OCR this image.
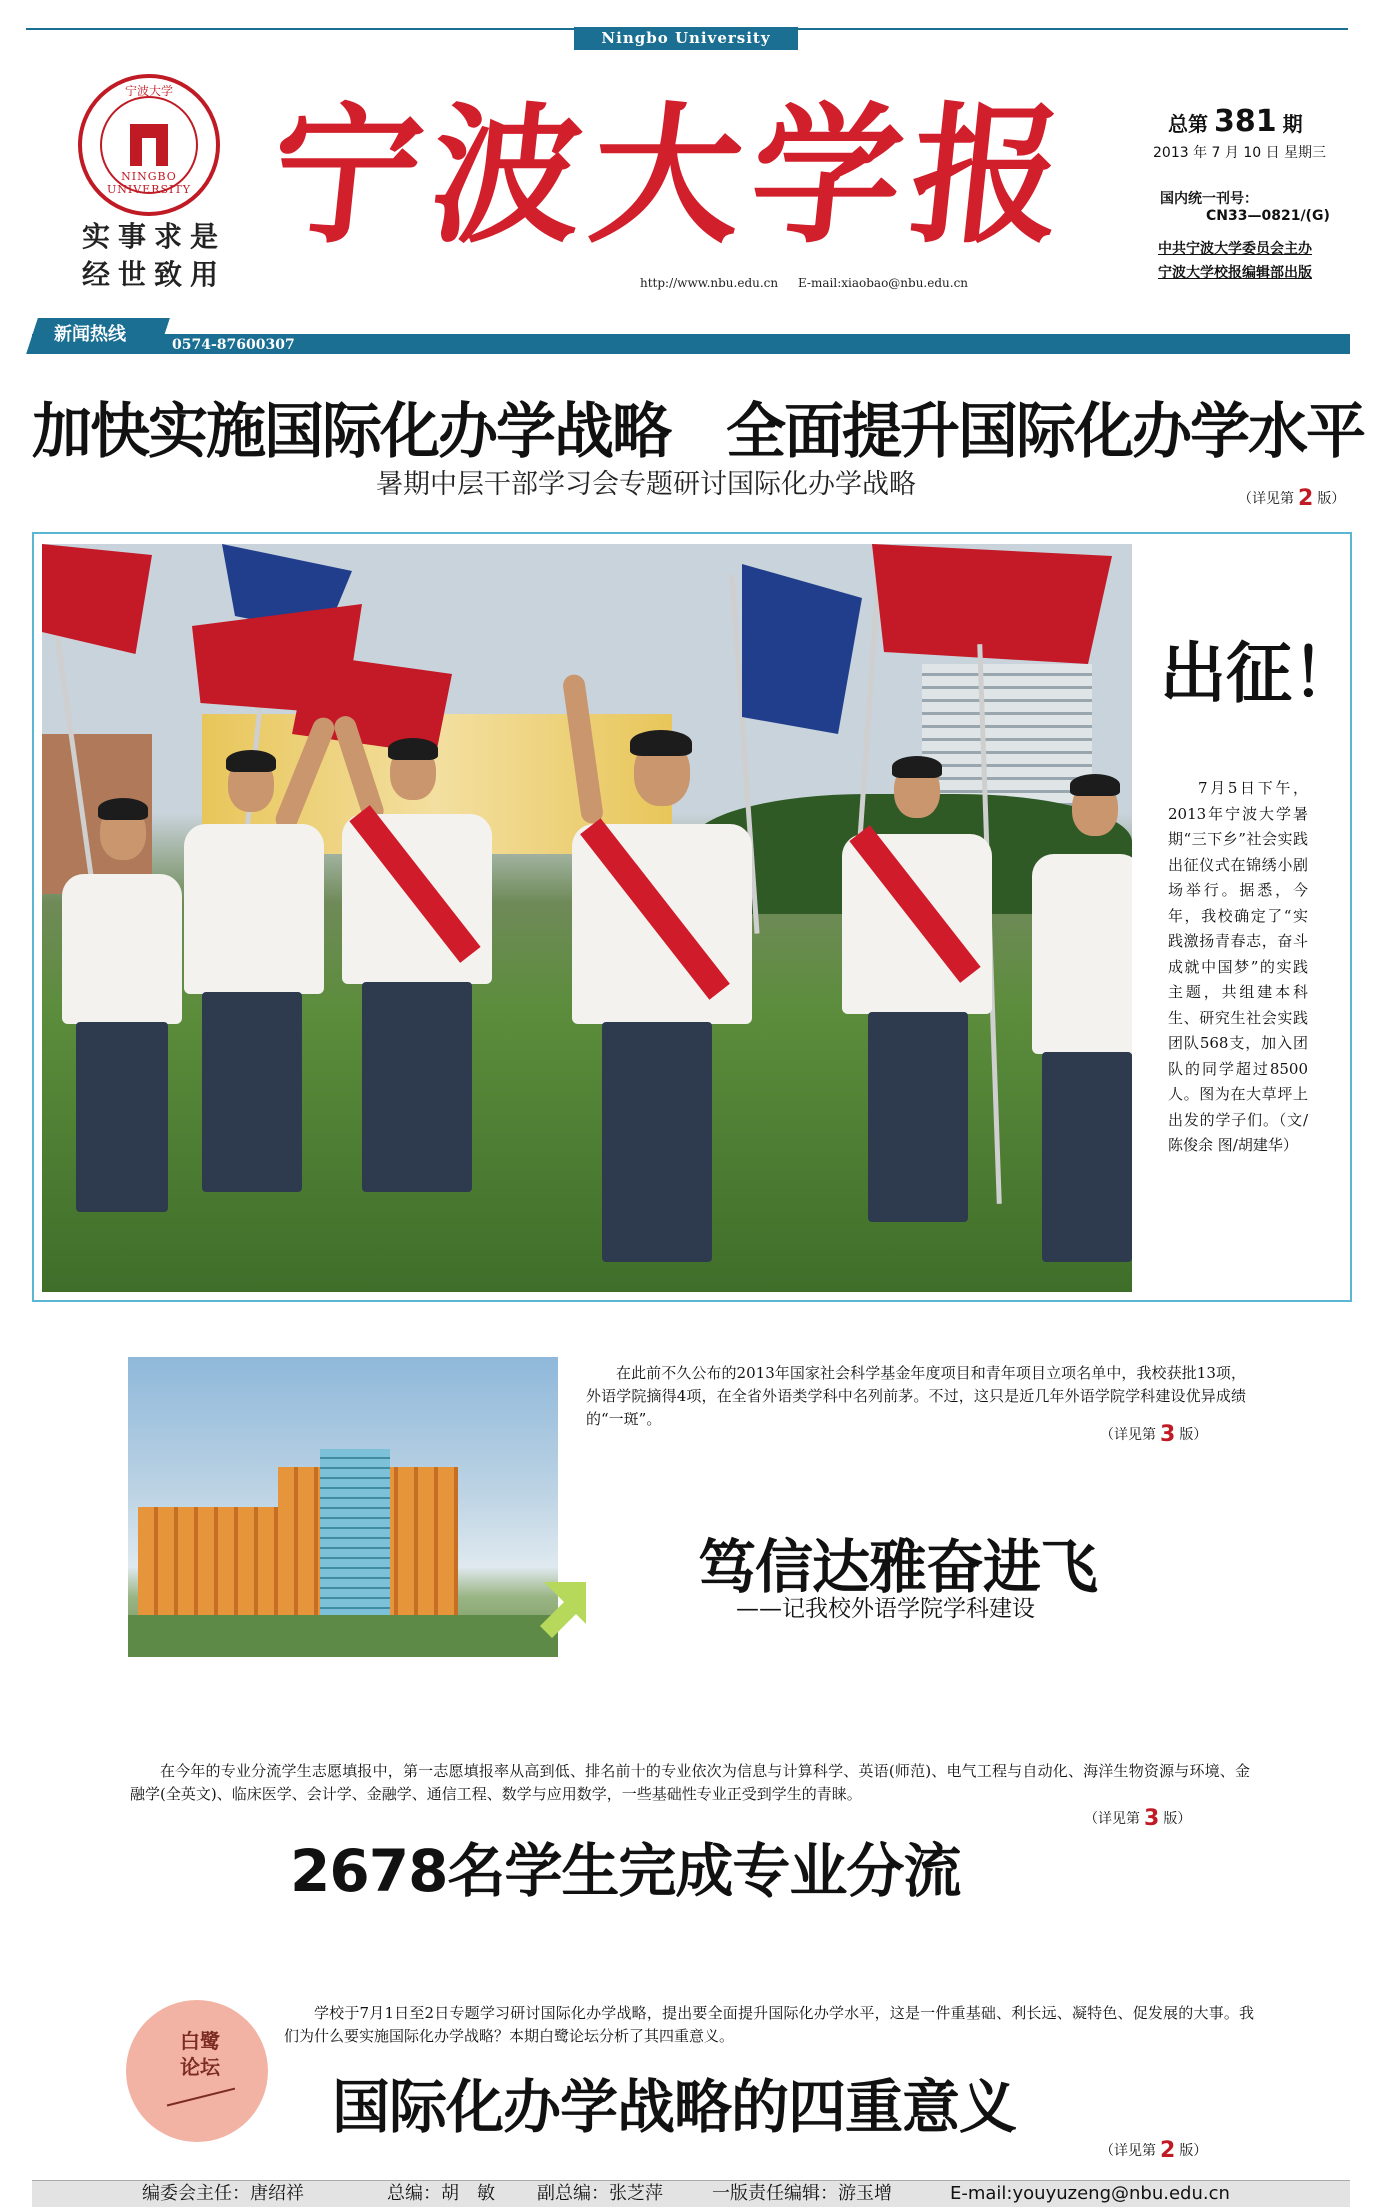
Ningbo University
宁波大学
NINGBO UNIVERSITY
实事求是
经世致用
宁波大学报
http://www.nbu.edu.cn E-mail:xiaobao@nbu.edu.cn
总第 381 期
2013 年 7 月 10 日 星期三
国内统一刊号：
CN33—0821/(G)
中共宁波大学委员会主办
宁波大学校报编辑部出版
新闻热线	0574-87600307
加快实施国际化办学战略 全面提升国际化办学水平
暑期中层干部学习会专题研讨国际化办学战略	（详见第 2 版）
出征！
7月5日下午，2013年宁波大学暑期“三下乡”社会实践出征仪式在锦绣小剧场举行。据悉，今年，我校确定了“实践激扬青春志，奋斗成就中国梦”的实践主题，共组建本科生、研究生社会实践团队568支，加入团队的同学超过8500人。图为在大草坪上出发的学子们。（文/陈俊余 图/胡建华）
在此前不久公布的2013年国家社会科学基金年度项目和青年项目立项名单中，我校获批13项，外语学院摘得4项，在全省外语类学科中名列前茅。不过，这只是近几年外语学院学科建设优异成绩的“一斑”。
（详见第 3 版）
笃信达雅奋进飞
——记我校外语学院学科建设
在今年的专业分流学生志愿填报中，第一志愿填报率从高到低、排名前十的专业依次为信息与计算科学、英语(师范)、电气工程与自动化、海洋生物资源与环境、金融学(全英文)、临床医学、会计学、金融学、通信工程、数学与应用数学，一些基础性专业正受到学生的青睐。
（详见第 3 版）
2678名学生完成专业分流
白鹭
论坛
学校于7月1日至2日专题学习研讨国际化办学战略，提出要全面提升国际化办学水平，这是一件重基础、利长远、凝特色、促发展的大事。我们为什么要实施国际化办学战略？本期白鹭论坛分析了其四重意义。
国际化办学战略的四重意义
（详见第 2 版）
编委会主任：唐绍祥	总编：胡　敏 副总编：张芝萍	一版责任编辑：游玉增	E-mail:youyuzeng@nbu.edu.cn
